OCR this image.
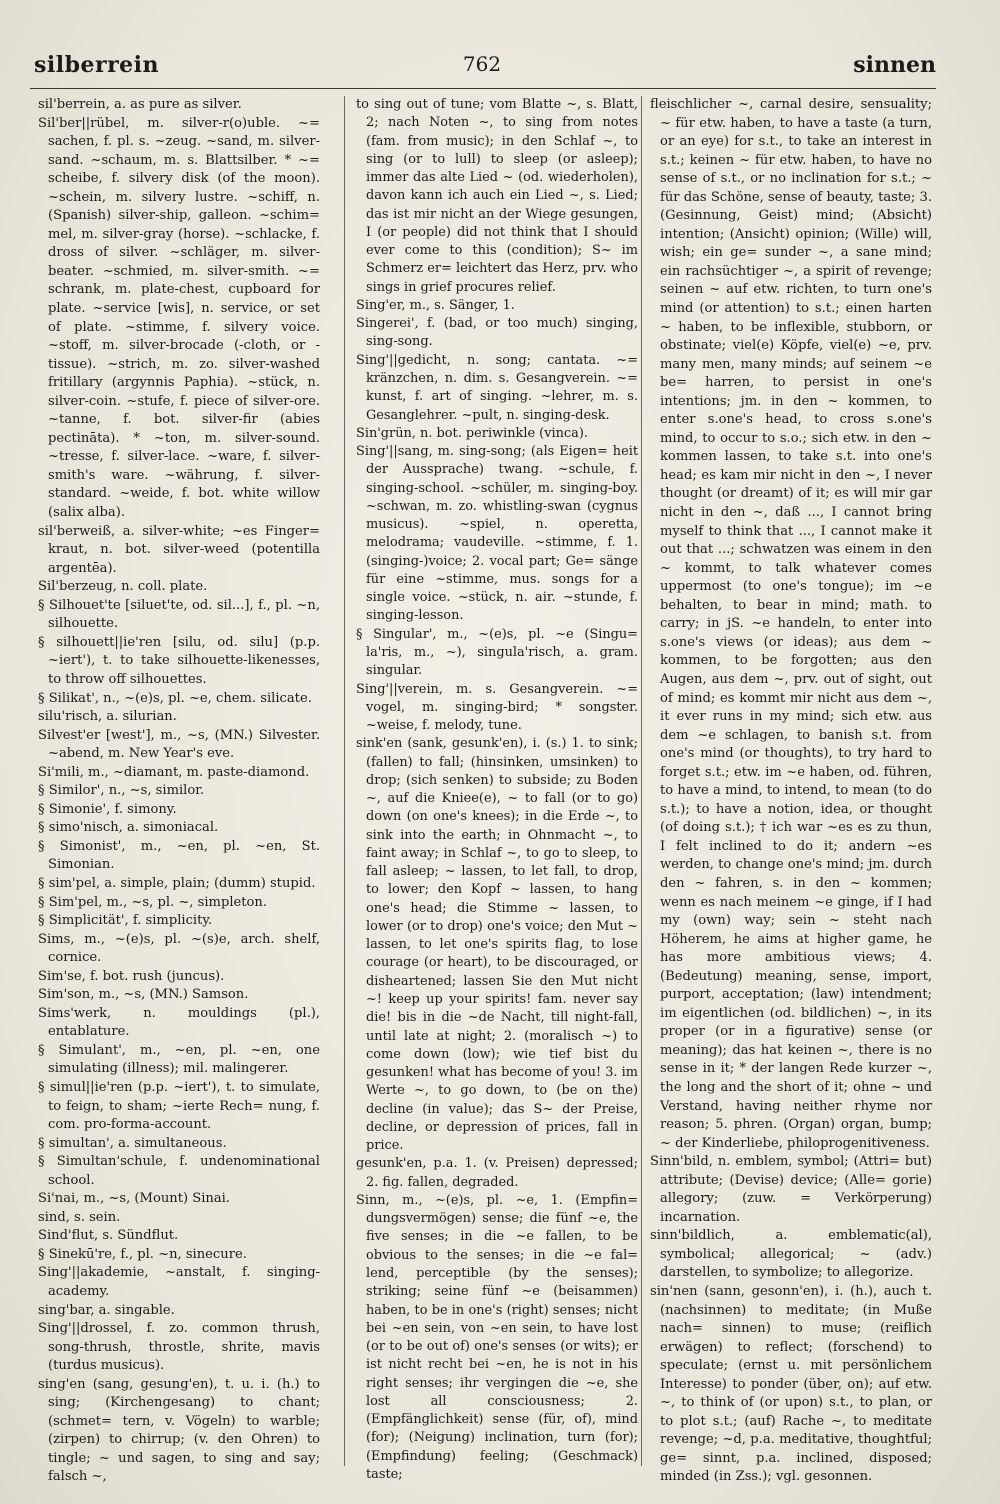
silberrein	762	sinnen

sil'berrein, a. as pure as silver.

Sil'ber||rübel, m. silver-r(o)uble. ~= sachen, f. pl. s. ~zeug. ~sand, m. silver-sand. ~schaum, m. s. Blattsilber. * ~= scheibe, f. silvery disk (of the moon). ~schein, m. silvery lustre. ~schiff, n. (Spanish) silver-ship, galleon. ~schim= mel, m. silver-gray (horse). ~schlacke, f. dross of silver. ~schläger, m. silver-beater. ~schmied, m. silver-smith. ~= schrank, m. plate-chest, cupboard for plate. ~service [wis], n. service, or set of plate. ~stimme, f. silvery voice. ~stoff, m. silver-brocade (-cloth, or -tissue). ~strich, m. zo. silver-washed fritillary (argynnis Paphia). ~stück, n. silver-coin. ~stufe, f. piece of silver-ore. ~tanne, f. bot. silver-fir (abies pectināta). * ~ton, m. silver-sound. ~tresse, f. silver-lace. ~ware, f. silver-smith's ware. ~währung, f. silver-standard. ~weide, f. bot. white willow (salix alba).

sil'berweiß, a. silver-white; ~es Finger= kraut, n. bot. silver-weed (potentilla argentēa).

Sil'berzeug, n. coll. plate.

§ Silhouet'te [siluet'te, od. sil...], f., pl. ~n, silhouette.

§ silhouett||ie'ren [silu, od. silu] (p.p. ~iert'), t. to take silhouette-likenesses, to throw off silhouettes.

§ Silikat', n., ~(e)s, pl. ~e, chem. silicate.

silu'risch, a. silurian.

Silvest'er [west'], m., ~s, (MN.) Silvester. ~abend, m. New Year's eve.

Si'mili, m., ~diamant, m. paste-diamond.

§ Similor', n., ~s, similor.

§ Simonie', f. simony.

§ simo'nisch, a. simoniacal.

§ Simonist', m., ~en, pl. ~en, St. Simonian.

§ sim'pel, a. simple, plain; (dumm) stupid.

§ Sim'pel, m., ~s, pl. ~, simpleton.

§ Simplicität', f. simplicity.

Sims, m., ~(e)s, pl. ~(s)e, arch. shelf, cornice.

Sim'se, f. bot. rush (juncus).

Sim'son, m., ~s, (MN.) Samson.

Sims'werk, n. mouldings (pl.), entablature.

§ Simulant', m., ~en, pl. ~en, one simulating (illness); mil. malingerer.

§ simul||ie'ren (p.p. ~iert'), t. to simulate, to feign, to sham; ~ierte Rech= nung, f. com. pro-forma-account.

§ simultan', a. simultaneous.

§ Simultan'schule, f. undenominational school.

Si'nai, m., ~s, (Mount) Sinai.

sind, s. sein.

Sind'flut, s. Sündflut.

§ Sinekū're, f., pl. ~n, sinecure.

Sing'||akademie, ~anstalt, f. singing-academy.

sing'bar, a. singable.

Sing'||drossel, f. zo. common thrush, song-thrush, throstle, shrite, mavis (turdus musicus).

sing'en (sang, gesung'en), t. u. i. (h.) to sing; (Kirchengesang) to chant; (schmet= tern, v. Vögeln) to warble; (zirpen) to chirrup; (v. den Ohren) to tingle; ~ und sagen, to sing and say; falsch ~,

to sing out of tune; vom Blatte ~, s. Blatt, 2; nach Noten ~, to sing from notes (fam. from music); in den Schlaf ~, to sing (or to lull) to sleep (or asleep); immer das alte Lied ~ (od. wiederholen), davon kann ich auch ein Lied ~, s. Lied; das ist mir nicht an der Wiege gesungen, I (or people) did not think that I should ever come to this (condition); S~ im Schmerz er= leichtert das Herz, prv. who sings in grief procures relief.

Sing'er, m., s. Sänger, 1.

Singerei', f. (bad, or too much) singing, sing-song.

Sing'||gedicht, n. song; cantata. ~= kränzchen, n. dim. s. Gesangverein. ~= kunst, f. art of singing. ~lehrer, m. s. Gesanglehrer. ~pult, n. singing-desk.

Sin'grün, n. bot. periwinkle (vinca).

Sing'||sang, m. sing-song; (als Eigen= heit der Aussprache) twang. ~schule, f. singing-school. ~schüler, m. singing-boy. ~schwan, m. zo. whistling-swan (cygnus musicus). ~spiel, n. operetta, melodrama; vaudeville. ~stimme, f. 1. (singing-)voice; 2. vocal part; Ge= sänge für eine ~stimme, mus. songs for a single voice. ~stück, n. air. ~stunde, f. singing-lesson.

§ Singular', m., ~(e)s, pl. ~e (Singu= la'ris, m., ~), singula'risch, a. gram. singular.

Sing'||verein, m. s. Gesangverein. ~= vogel, m. singing-bird; * songster. ~weise, f. melody, tune.

sink'en (sank, gesunk'en), i. (s.) 1. to sink; (fallen) to fall; (hinsinken, umsinken) to drop; (sich senken) to subside; zu Boden ~, auf die Kniee(e), ~ to fall (or to go) down (on one's knees); in die Erde ~, to sink into the earth; in Ohnmacht ~, to faint away; in Schlaf ~, to go to sleep, to fall asleep; ~ lassen, to let fall, to drop, to lower; den Kopf ~ lassen, to hang one's head; die Stimme ~ lassen, to lower (or to drop) one's voice; den Mut ~ lassen, to let one's spirits flag, to lose courage (or heart), to be discouraged, or disheartened; lassen Sie den Mut nicht ~! keep up your spirits! fam. never say die! bis in die ~de Nacht, till night-fall, until late at night; 2. (moralisch ~) to come down (low); wie tief bist du gesunken! what has become of you! 3. im Werte ~, to go down, to (be on the) decline (in value); das S~ der Preise, decline, or depression of prices, fall in price.

gesunk'en, p.a. 1. (v. Preisen) depressed; 2. fig. fallen, degraded.

Sinn, m., ~(e)s, pl. ~e, 1. (Empfin= dungsvermögen) sense; die fünf ~e, the five senses; in die ~e fallen, to be obvious to the senses; in die ~e fal= lend, perceptible (by the senses); striking; seine fünf ~e (beisammen) haben, to be in one's (right) senses; nicht bei ~en sein, von ~en sein, to have lost (or to be out of) one's senses (or wits); er ist nicht recht bei ~en, he is not in his right senses; ihr vergingen die ~e, she lost all consciousness; 2. (Empfänglichkeit) sense (für, of), mind (for); (Neigung) inclination, turn (for); (Empfindung) feeling; (Geschmack) taste;

fleischlicher ~, carnal desire, sensuality; ~ für etw. haben, to have a taste (a turn, or an eye) for s.t., to take an interest in s.t.; keinen ~ für etw. haben, to have no sense of s.t., or no inclination for s.t.; ~ für das Schöne, sense of beauty, taste; 3. (Gesinnung, Geist) mind; (Absicht) intention; (Ansicht) opinion; (Wille) will, wish; ein ge= sunder ~, a sane mind; ein rachsüchtiger ~, a spirit of revenge; seinen ~ auf etw. richten, to turn one's mind (or attention) to s.t.; einen harten ~ haben, to be inflexible, stubborn, or obstinate; viel(e) Köpfe, viel(e) ~e, prv. many men, many minds; auf seinem ~e be= harren, to persist in one's intentions; jm. in den ~ kommen, to enter s.one's head, to cross s.one's mind, to occur to s.o.; sich etw. in den ~ kommen lassen, to take s.t. into one's head; es kam mir nicht in den ~, I never thought (or dreamt) of it; es will mir gar nicht in den ~, daß ..., I cannot bring myself to think that ..., I cannot make it out that ...; schwatzen was einem in den ~ kommt, to talk whatever comes uppermost (to one's tongue); im ~e behalten, to bear in mind; math. to carry; in jS. ~e handeln, to enter into s.one's views (or ideas); aus dem ~ kommen, to be forgotten; aus den Augen, aus dem ~, prv. out of sight, out of mind; es kommt mir nicht aus dem ~, it ever runs in my mind; sich etw. aus dem ~e schlagen, to banish s.t. from one's mind (or thoughts), to try hard to forget s.t.; etw. im ~e haben, od. führen, to have a mind, to intend, to mean (to do s.t.); to have a notion, idea, or thought (of doing s.t.); † ich war ~es es zu thun, I felt inclined to do it; andern ~es werden, to change one's mind; jm. durch den ~ fahren, s. in den ~ kommen; wenn es nach meinem ~e ginge, if I had my (own) way; sein ~ steht nach Höherem, he aims at higher game, he has more ambitious views; 4. (Bedeutung) meaning, sense, import, purport, acceptation; (law) intendment; im eigentlichen (od. bildlichen) ~, in its proper (or in a figurative) sense (or meaning); das hat keinen ~, there is no sense in it; * der langen Rede kurzer ~, the long and the short of it; ohne ~ und Verstand, having neither rhyme nor reason; 5. phren. (Organ) organ, bump; ~ der Kinderliebe, philoprogenitiveness.

Sinn'bild, n. emblem, symbol; (Attri= but) attribute; (Devise) device; (Alle= gorie) allegory; (zuw. = Verkörperung) incarnation.

sinn'bildlich, a. emblematic(al), symbolical; allegorical; ~ (adv.) darstellen, to symbolize; to allegorize.

sin'nen (sann, gesonn'en), i. (h.), auch t. (nachsinnen) to meditate; (in Muße nach= sinnen) to muse; (reiflich erwägen) to reflect; (forschend) to speculate; (ernst u. mit persönlichem Interesse) to ponder (über, on); auf etw. ~, to think of (or upon) s.t., to plan, or to plot s.t.; (auf) Rache ~, to meditate revenge; ~d, p.a. meditative, thoughtful; ge= sinnt, p.a. inclined, disposed; minded (in Zss.); vgl. gesonnen.
